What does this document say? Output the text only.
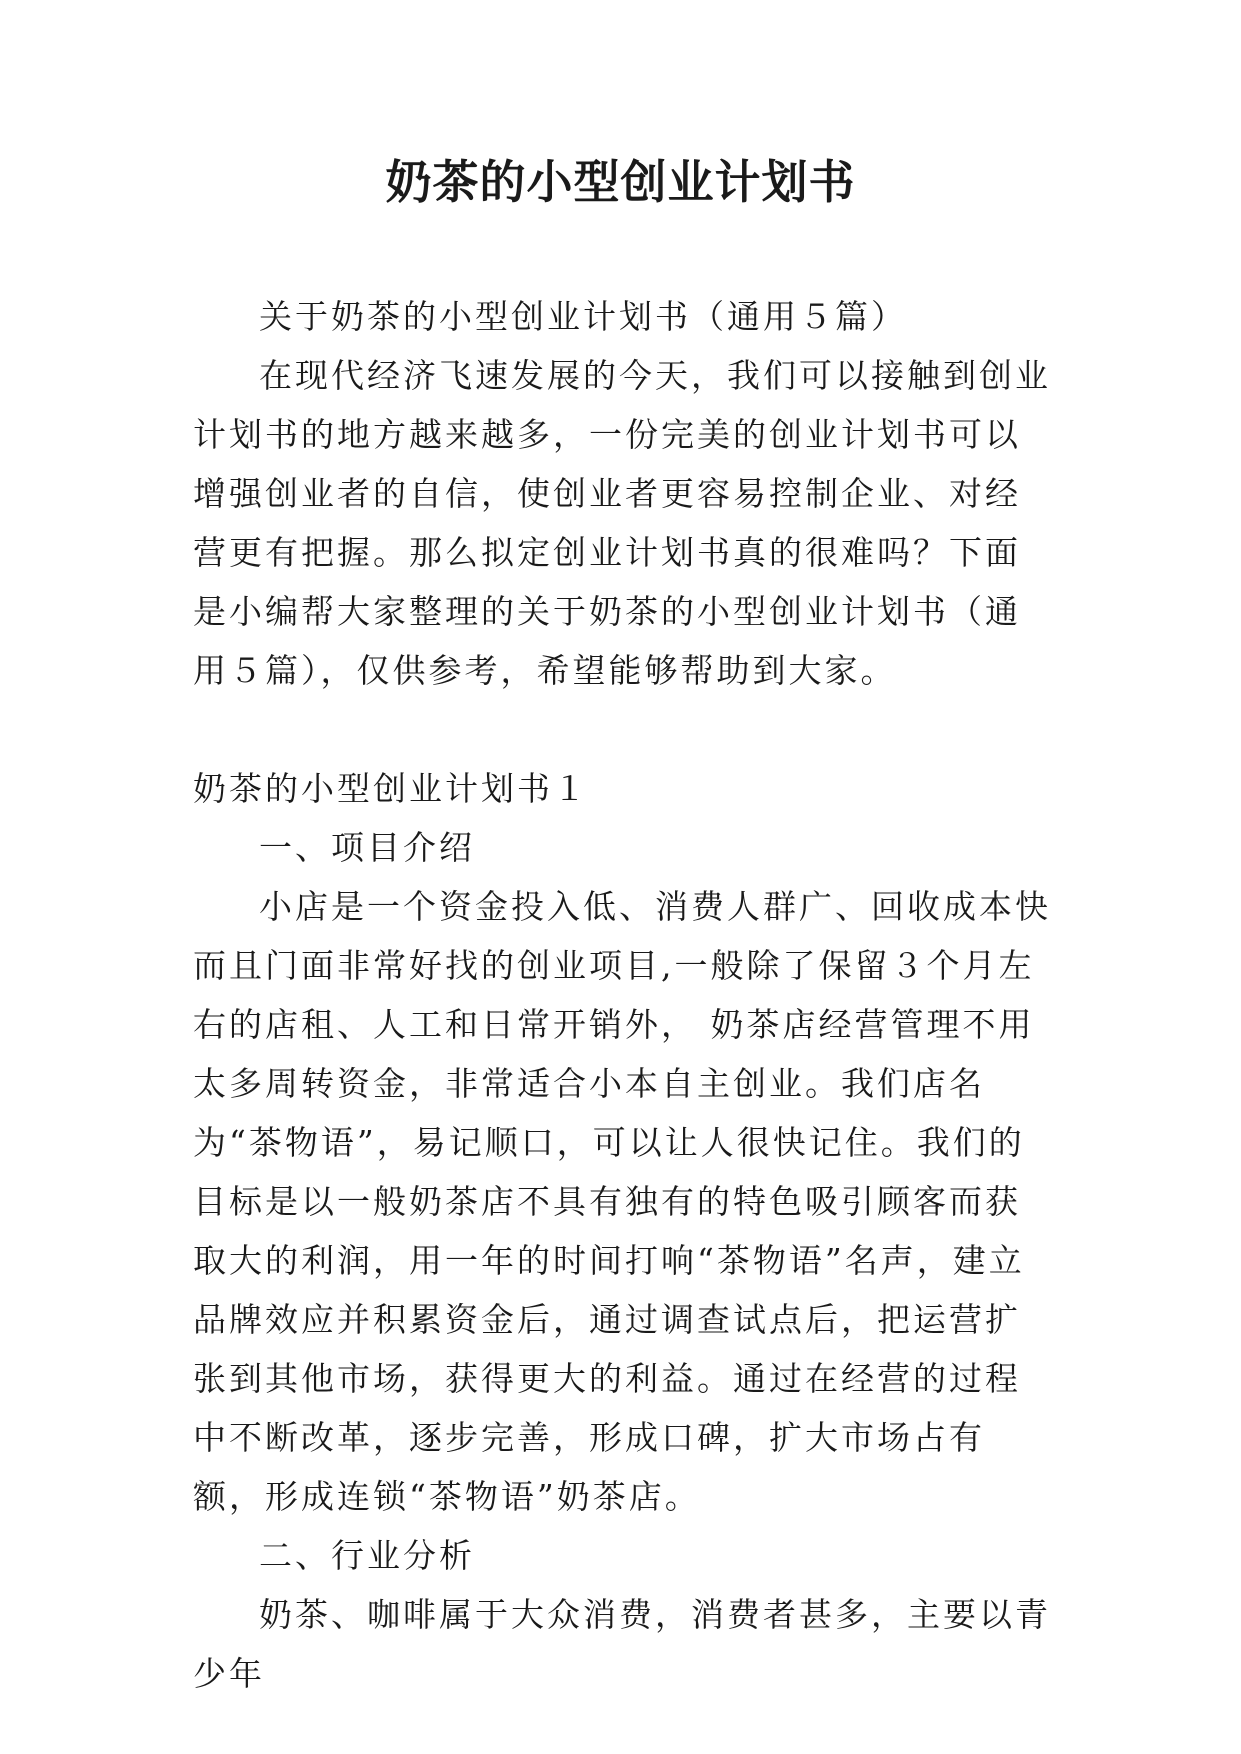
奶茶的小型创业计划书

关于奶茶的小型创业计划书（通用５篇）

在现代经济飞速发展的今天，我们可以接触到创业计划书的地方越来越多，一份完美的创业计划书可以增强创业者的自信，使创业者更容易控制企业、对经营更有把握。那么拟定创业计划书真的很难吗？下面是小编帮大家整理的关于奶茶的小型创业计划书（通用５篇），仅供参考，希望能够帮助到大家。

奶茶的小型创业计划书１

一、项目介绍

小店是一个资金投入低、消费人群广、回收成本快而且门面非常好找的创业项目,一般除了保留３个月左右的店租、人工和日常开销外， 奶茶店经营管理不用太多周转资金，非常适合小本自主创业。我们店名为“茶物语”，易记顺口，可以让人很快记住。我们的目标是以一般奶茶店不具有独有的特色吸引顾客而获取大的利润，用一年的时间打响“茶物语”名声，建立品牌效应并积累资金后，通过调查试点后，把运营扩张到其他市场，获得更大的利益。通过在经营的过程中不断改革，逐步完善，形成口碑，扩大市场占有额，形成连锁“茶物语”奶茶店。

二、行业分析

奶茶、咖啡属于大众消费，消费者甚多，主要以青少年
